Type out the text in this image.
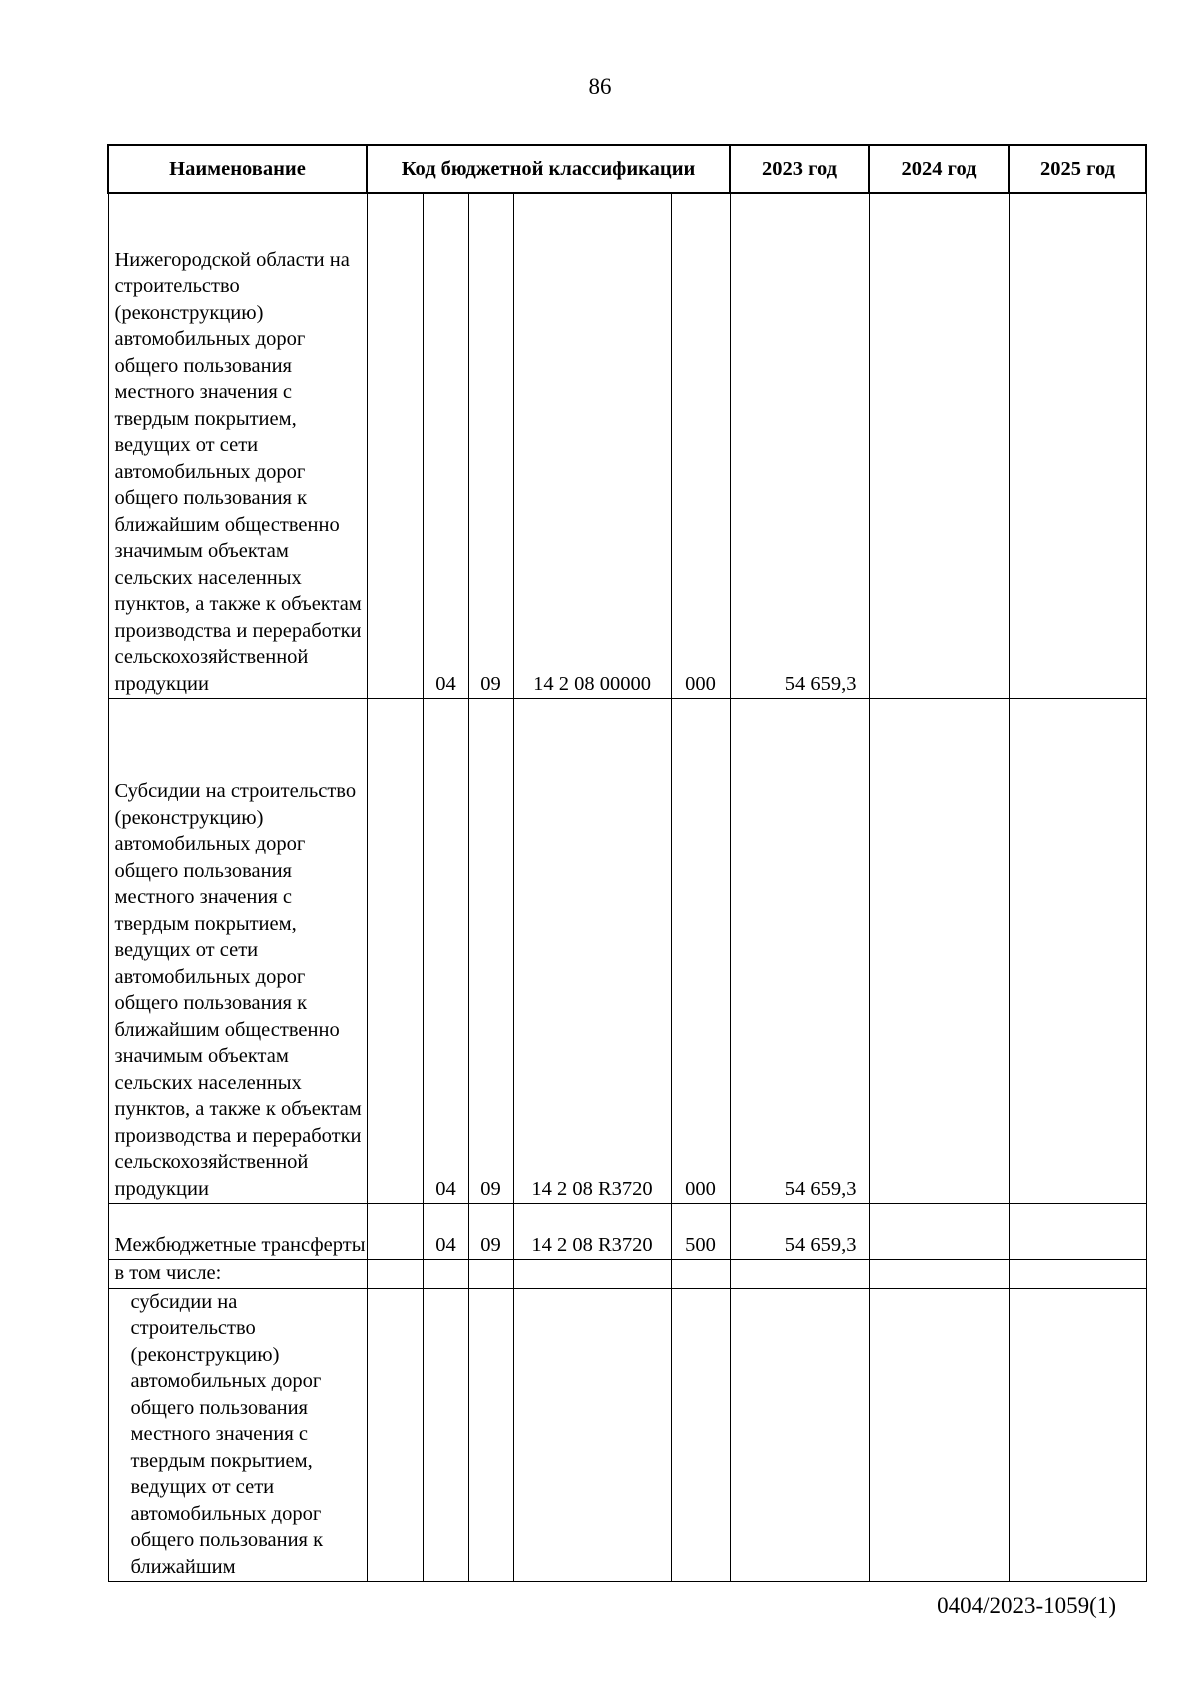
86
Наименование	Код бюджетной классификации					2023 год	2024 год	2025 год
Нижегородской области на строительство (реконструкцию) автомобильных дорог общего пользования местного значения с твердым покрытием, ведущих от сети автомобильных дорог общего пользования к ближайшим общественно значимым объектам сельских населенных пунктов, а также к объектам производства и переработки сельскохозяйственной продукции		04	09	14 2 08 00000	000	54 659,3		
Субсидии на строительство (реконструкцию) автомобильных дорог общего пользования местного значения с твердым покрытием, ведущих от сети автомобильных дорог общего пользования к ближайшим общественно значимым объектам сельских населенных пунктов, а также к объектам производства и переработки сельскохозяйственной продукции		04	09	14 2 08 R3720	000	54 659,3		
Межбюджетные трансферты		04	09	14 2 08 R3720	500	54 659,3		
в том числе:								
субсидии на строительство (реконструкцию) автомобильных дорог общего пользования местного значения с твердым покрытием, ведущих от сети автомобильных дорог общего пользования к ближайшим								
0404/2023-1059(1)
